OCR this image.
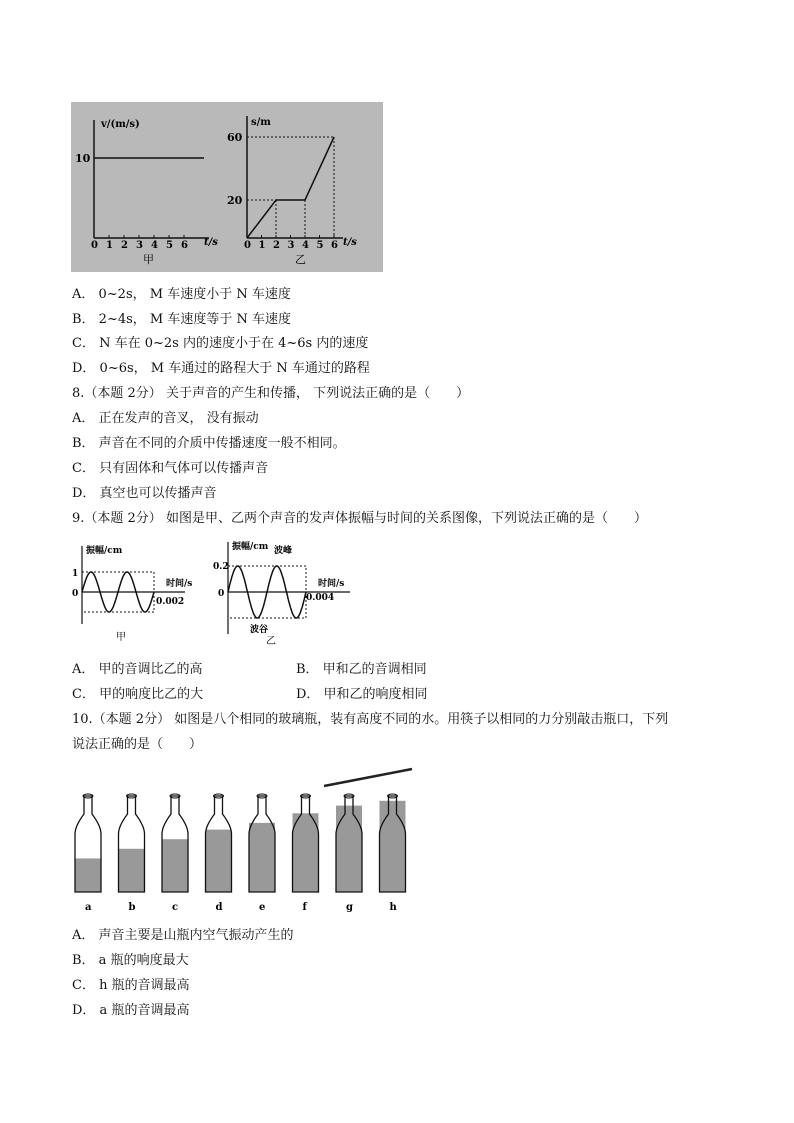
v/(m/s)
10
0 1 2 3 4 5 6 t/s
甲
s/m
60
20
0 1 2 3 4 5 6 t/s
乙
A． 0~2s， M 车速度小于 N 车速度
B． 2~4s， M 车速度等于 N 车速度
C． N 车在 0~2s 内的速度小于在 4~6s 内的速度
D． 0~6s， M 车通过的路程大于 N 车通过的路程
8.（本题 2分） 关于声音的产生和传播， 下列说法正确的是（　　）
A． 正在发声的音叉， 没有振动
B． 声音在不同的介质中传播速度一般不相同。
C． 只有固体和气体可以传播声音
D． 真空也可以传播声音
9.（本题 2分） 如图是甲、乙两个声音的发声体振幅与时间的关系图像，下列说法正确的是（　　）
振幅/cm
1
0
时间/s
0.002
甲
振幅/cm
0.2
0
波峰
波谷
时间/s
0.004
乙
A． 甲的音调比乙的高	B． 甲和乙的音调相同
C． 甲的响度比乙的大	D． 甲和乙的响度相同
10.（本题 2分） 如图是八个相同的玻璃瓶，装有高度不同的水。用筷子以相同的力分别敲击瓶口，下列
说法正确的是（　　）
a	b	c	d	e	f	g	h
A． 声音主要是山瓶内空气振动产生的
B． a 瓶的响度最大
C． h 瓶的音调最高
D． a 瓶的音调最高
